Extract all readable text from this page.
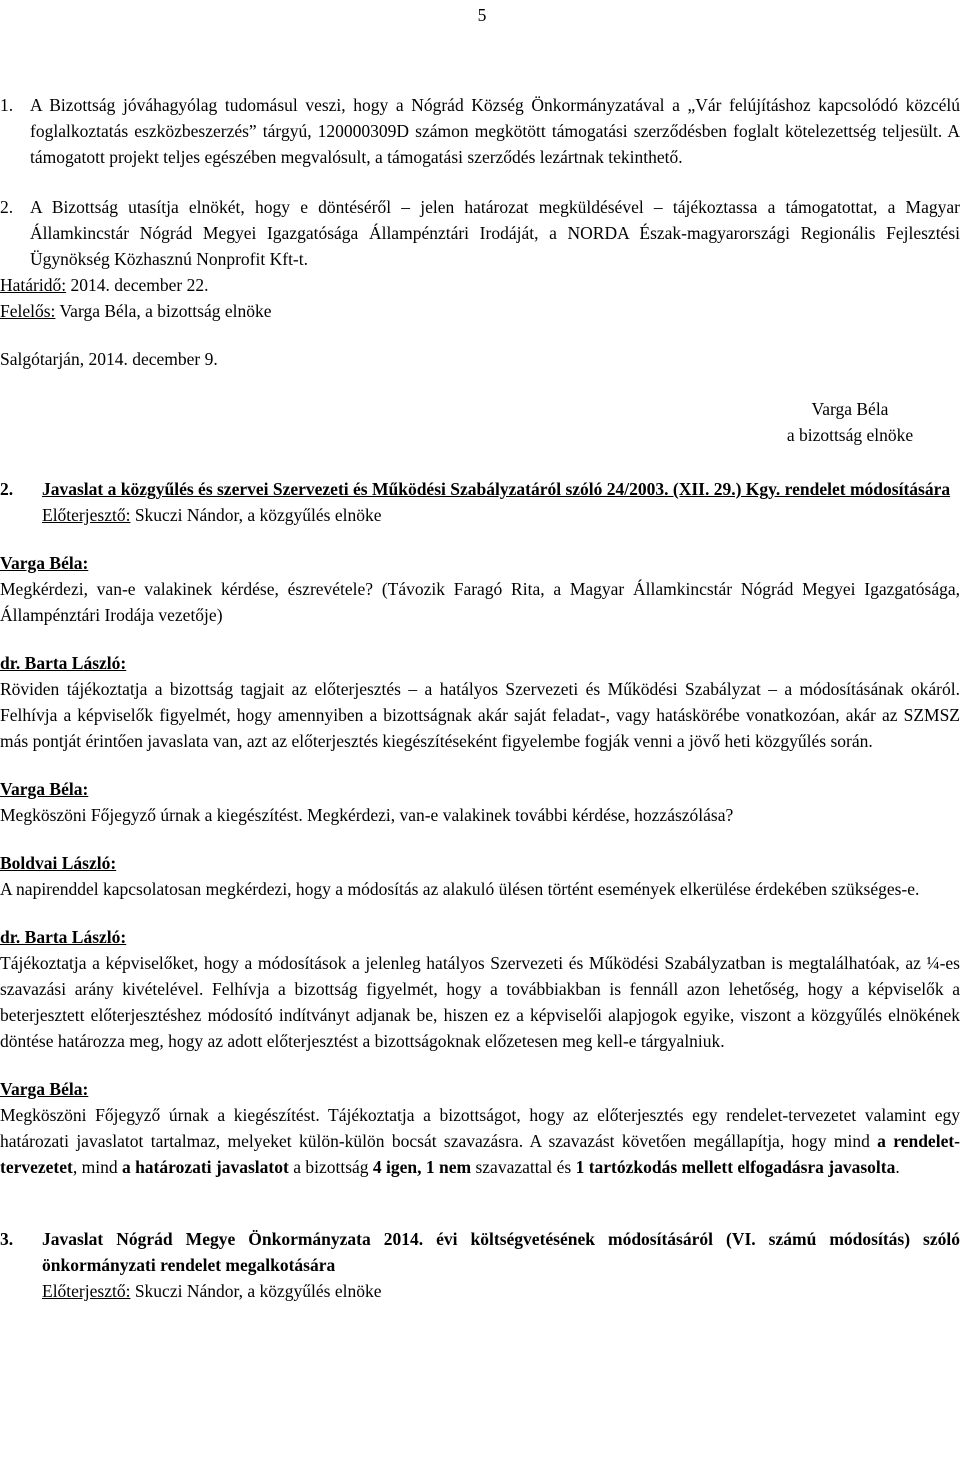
5
1. A Bizottság jóváhagyólag tudomásul veszi, hogy a Nógrád Község Önkormányzatával a „Vár felújításhoz kapcsolódó közcélú foglalkoztatás eszközbeszerzés” tárgyú, 120000309D számon megkötött támogatási szerződésben foglalt kötelezettség teljesült. A támogatott projekt teljes egészében megvalósult, a támogatási szerződés lezártnak tekinthető.
2. A Bizottság utasítja elnökét, hogy e döntéséről – jelen határozat megküldésével – tájékoztassa a támogatottat, a Magyar Államkincstár Nógrád Megyei Igazgatósága Állampénztári Irodáját, a NORDA Észak-magyarországi Regionális Fejlesztési Ügynökség Közhasznú Nonprofit Kft-t.

Határidő: 2014. december 22.

Felelős: Varga Béla, a bizottság elnöke

Salgótarján, 2014. december 9.

Varga Béla
a bizottság elnöke
2.	Javaslat a közgyűlés és szervei Szervezeti és Működési Szabályzatáról szóló 24/2003. (XII. 29.) Kgy. rendelet módosítására

Előterjesztő: Skuczi Nándor, a közgyűlés elnöke

Varga Béla:

Megkérdezi, van-e valakinek kérdése, észrevétele? (Távozik Faragó Rita, a Magyar Államkincstár Nógrád Megyei Igazgatósága, Állampénztári Irodája vezetője)

dr. Barta László:

Röviden tájékoztatja a bizottság tagjait az előterjesztés – a hatályos Szervezeti és Működési Szabályzat – a módosításának okáról. Felhívja a képviselők figyelmét, hogy amennyiben a bizottságnak akár saját feladat-, vagy hatáskörébe vonatkozóan, akár az SZMSZ más pontját érintően javaslata van, azt az előterjesztés kiegészítéseként figyelembe fogják venni a jövő heti közgyűlés során.

Varga Béla:

Megköszöni Főjegyző úrnak a kiegészítést. Megkérdezi, van-e valakinek további kérdése, hozzászólása?

Boldvai László:

A napirenddel kapcsolatosan megkérdezi, hogy a módosítás az alakuló ülésen történt események elkerülése érdekében szükséges-e.

dr. Barta László:

Tájékoztatja a képviselőket, hogy a módosítások a jelenleg hatályos Szervezeti és Működési Szabályzatban is megtalálhatóak, az ¼-es szavazási arány kivételével. Felhívja a bizottság figyelmét, hogy a továbbiakban is fennáll azon lehetőség, hogy a képviselők a beterjesztett előterjesztéshez módosító indítványt adjanak be, hiszen ez a képviselői alapjogok egyike, viszont a közgyűlés elnökének döntése határozza meg, hogy az adott előterjesztést a bizottságoknak előzetesen meg kell-e tárgyalniuk.

Varga Béla:

Megköszöni Főjegyző úrnak a kiegészítést. Tájékoztatja a bizottságot, hogy az előterjesztés egy rendelet-tervezetet valamint egy határozati javaslatot tartalmaz, melyeket külön-külön bocsát szavazásra. A szavazást követően megállapítja, hogy mind a rendelet-tervezetet, mind a határozati javaslatot a bizottság 4 igen, 1 nem szavazattal és 1 tartózkodás mellett elfogadásra javasolta.

3.	Javaslat Nógrád Megye Önkormányzata 2014. évi költségvetésének módosításáról (VI. számú módosítás) szóló önkormányzati rendelet megalkotására

Előterjesztő: Skuczi Nándor, a közgyűlés elnöke
